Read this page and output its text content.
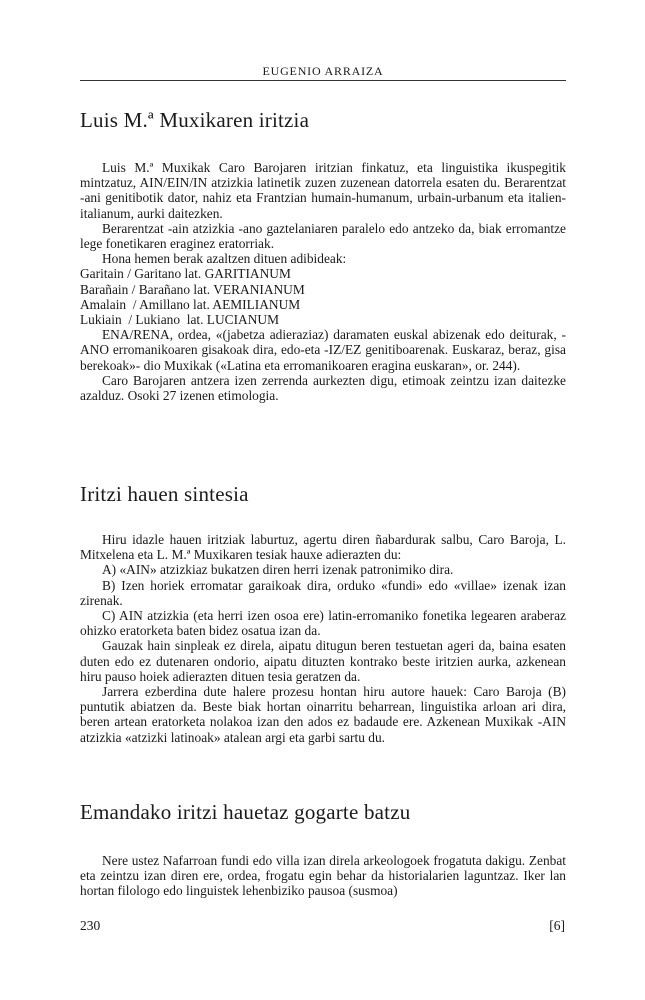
EUGENIO ARRAIZA
Luis M.ª Muxikaren iritzia

Luis M.ª Muxikak Caro Barojaren iritzian finkatuz, eta linguistika ikuspegitik mintzatuz, AIN/EIN/IN atzizkia latinetik zuzen zuzenean datorrela esaten du. Berarentzat -ani genitibotik dator, nahiz eta Frantzian humain-humanum, urbain-urbanum eta italien-italianum, aurki daitezken.

Berarentzat -ain atzizkia -ano gaztelaniaren paralelo edo antzeko da, biak erromantze lege fonetikaren eraginez eratorriak.

Hona hemen berak azaltzen dituen adibideak:

Garitain / Garitano lat. GARITIANUM
Barañain / Barañano lat. VERANIANUM
Amalain  / Amillano lat. AEMILIANUM
Lukiain  / Lukiano  lat. LUCIANUM

ENA/RENA, ordea, «(jabetza adieraziaz) daramaten euskal abizenak edo deiturak, -ANO erromanikoaren gisakoak dira, edo-eta -IZ/EZ genitiboarenak. Euskaraz, beraz, gisa berekoak»- dio Muxikak («Latina eta erromanikoaren eragina euskaran», or. 244).

Caro Barojaren antzera izen zerrenda aurkezten digu, etimoak zeintzu izan daitezke azalduz. Osoki 27 izenen etimologia.

Iritzi hauen sintesia

Hiru idazle hauen iritziak laburtuz, agertu diren ñabardurak salbu, Caro Baroja, L. Mitxelena eta L. M.ª Muxikaren tesiak hauxe adierazten du:

A) «AIN» atzizkiaz bukatzen diren herri izenak patronimiko dira.

B) Izen horiek erromatar garaikoak dira, orduko «fundi» edo «villae» izenak izan zirenak.

C) AIN atzizkia (eta herri izen osoa ere) latin-erromaniko fonetika legearen araberaz ohizko eratorketa baten bidez osatua izan da.

Gauzak hain sinpleak ez direla, aipatu ditugun beren testuetan ageri da, baina esaten duten edo ez dutenaren ondorio, aipatu dituzten kontrako beste iritzien aurka, azkenean hiru pauso hoiek adierazten dituen tesia geratzen da.

Jarrera ezberdina dute halere prozesu hontan hiru autore hauek: Caro Baroja (B) puntutik abiatzen da. Beste biak hortan oinarritu beharrean, linguistika arloan ari dira, beren artean eratorketa nolakoa izan den ados ez badaude ere. Azkenean Muxikak -AIN atzizkia «atzizki latinoak» atalean argi eta garbi sartu du.

Emandako iritzi hauetaz gogarte batzu

Nere ustez Nafarroan fundi edo villa izan direla arkeologoek frogatuta dakigu. Zenbat eta zeintzu izan diren ere, ordea, frogatu egin behar da historialarien laguntzaz. Iker lan hortan filologo edo linguistek lehenbiziko pausoa (susmoa)

230	[6]
